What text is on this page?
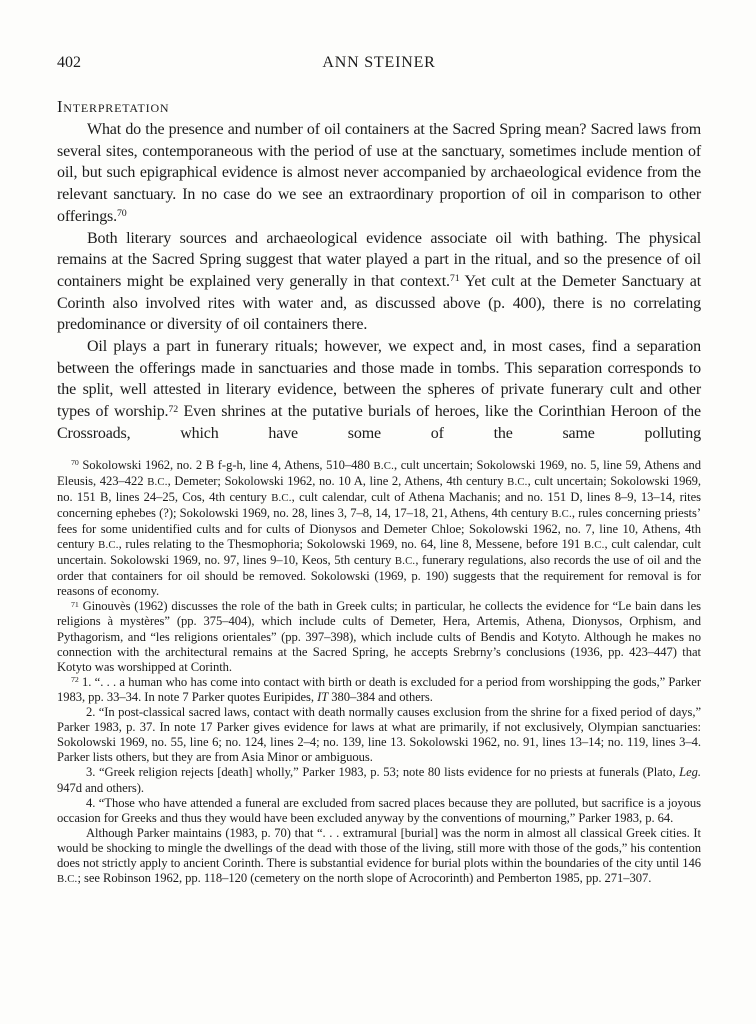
402	ANN STEINER
Interpretation

What do the presence and number of oil containers at the Sacred Spring mean? Sacred laws from several sites, contemporaneous with the period of use at the sanctuary, sometimes include mention of oil, but such epigraphical evidence is almost never accompanied by archaeological evidence from the relevant sanctuary. In no case do we see an extraordinary proportion of oil in comparison to other offerings.$^{70}$

Both literary sources and archaeological evidence associate oil with bathing. The physical remains at the Sacred Spring suggest that water played a part in the ritual, and so the presence of oil containers might be explained very generally in that context.$^{71}$ Yet cult at the Demeter Sanctuary at Corinth also involved rites with water and, as discussed above (p. 400), there is no correlating predominance or diversity of oil containers there.

Oil plays a part in funerary rituals; however, we expect and, in most cases, find a separation between the offerings made in sanctuaries and those made in tombs. This separation corresponds to the split, well attested in literary evidence, between the spheres of private funerary cult and other types of worship.$^{72}$ Even shrines at the putative burials of heroes, like the Corinthian Heroon of the Crossroads, which have some of the same polluting

$^{70}$ Sokolowski 1962, no. 2 B f-g-h, line 4, Athens, 510–480 B.C., cult uncertain; Sokolowski 1969, no. 5, line 59, Athens and Eleusis, 423–422 B.C., Demeter; Sokolowski 1962, no. 10 A, line 2, Athens, 4th century B.C., cult uncertain; Sokolowski 1969, no. 151 B, lines 24–25, Cos, 4th century B.C., cult calendar, cult of Athena Machanis; and no. 151 D, lines 8–9, 13–14, rites concerning ephebes (?); Sokolowski 1969, no. 28, lines 3, 7–8, 14, 17–18, 21, Athens, 4th century B.C., rules concerning priests’ fees for some unidentified cults and for cults of Dionysos and Demeter Chloe; Sokolowski 1962, no. 7, line 10, Athens, 4th century B.C., rules relating to the Thesmophoria; Sokolowski 1969, no. 64, line 8, Messene, before 191 B.C., cult calendar, cult uncertain. Sokolowski 1969, no. 97, lines 9–10, Keos, 5th century B.C., funerary regulations, also records the use of oil and the order that containers for oil should be removed. Sokolowski (1969, p. 190) suggests that the requirement for removal is for reasons of economy.

$^{71}$ Ginouvès (1962) discusses the role of the bath in Greek cults; in particular, he collects the evidence for “Le bain dans les religions à mystères” (pp. 375–404), which include cults of Demeter, Hera, Artemis, Athena, Dionysos, Orphism, and Pythagorism, and “les religions orientales” (pp. 397–398), which include cults of Bendis and Kotyto. Although he makes no connection with the architectural remains at the Sacred Spring, he accepts Srebrny’s conclusions (1936, pp. 423–447) that Kotyto was worshipped at Corinth.

$^{72}$ 1. “. . . a human who has come into contact with birth or death is excluded for a period from worshipping the gods,” Parker 1983, pp. 33–34. In note 7 Parker quotes Euripides, IT 380–384 and others.

2. “In post-classical sacred laws, contact with death normally causes exclusion from the shrine for a fixed period of days,” Parker 1983, p. 37. In note 17 Parker gives evidence for laws at what are primarily, if not exclusively, Olympian sanctuaries: Sokolowski 1969, no. 55, line 6; no. 124, lines 2–4; no. 139, line 13. Sokolowski 1962, no. 91, lines 13–14; no. 119, lines 3–4. Parker lists others, but they are from Asia Minor or ambiguous.

3. “Greek religion rejects [death] wholly,” Parker 1983, p. 53; note 80 lists evidence for no priests at funerals (Plato, Leg. 947d and others).

4. “Those who have attended a funeral are excluded from sacred places because they are polluted, but sacrifice is a joyous occasion for Greeks and thus they would have been excluded anyway by the conventions of mourning,” Parker 1983, p. 64.

Although Parker maintains (1983, p. 70) that “. . . extramural [burial] was the norm in almost all classical Greek cities. It would be shocking to mingle the dwellings of the dead with those of the living, still more with those of the gods,” his contention does not strictly apply to ancient Corinth. There is substantial evidence for burial plots within the boundaries of the city until 146 B.C.; see Robinson 1962, pp. 118–120 (cemetery on the north slope of Acrocorinth) and Pemberton 1985, pp. 271–307.
